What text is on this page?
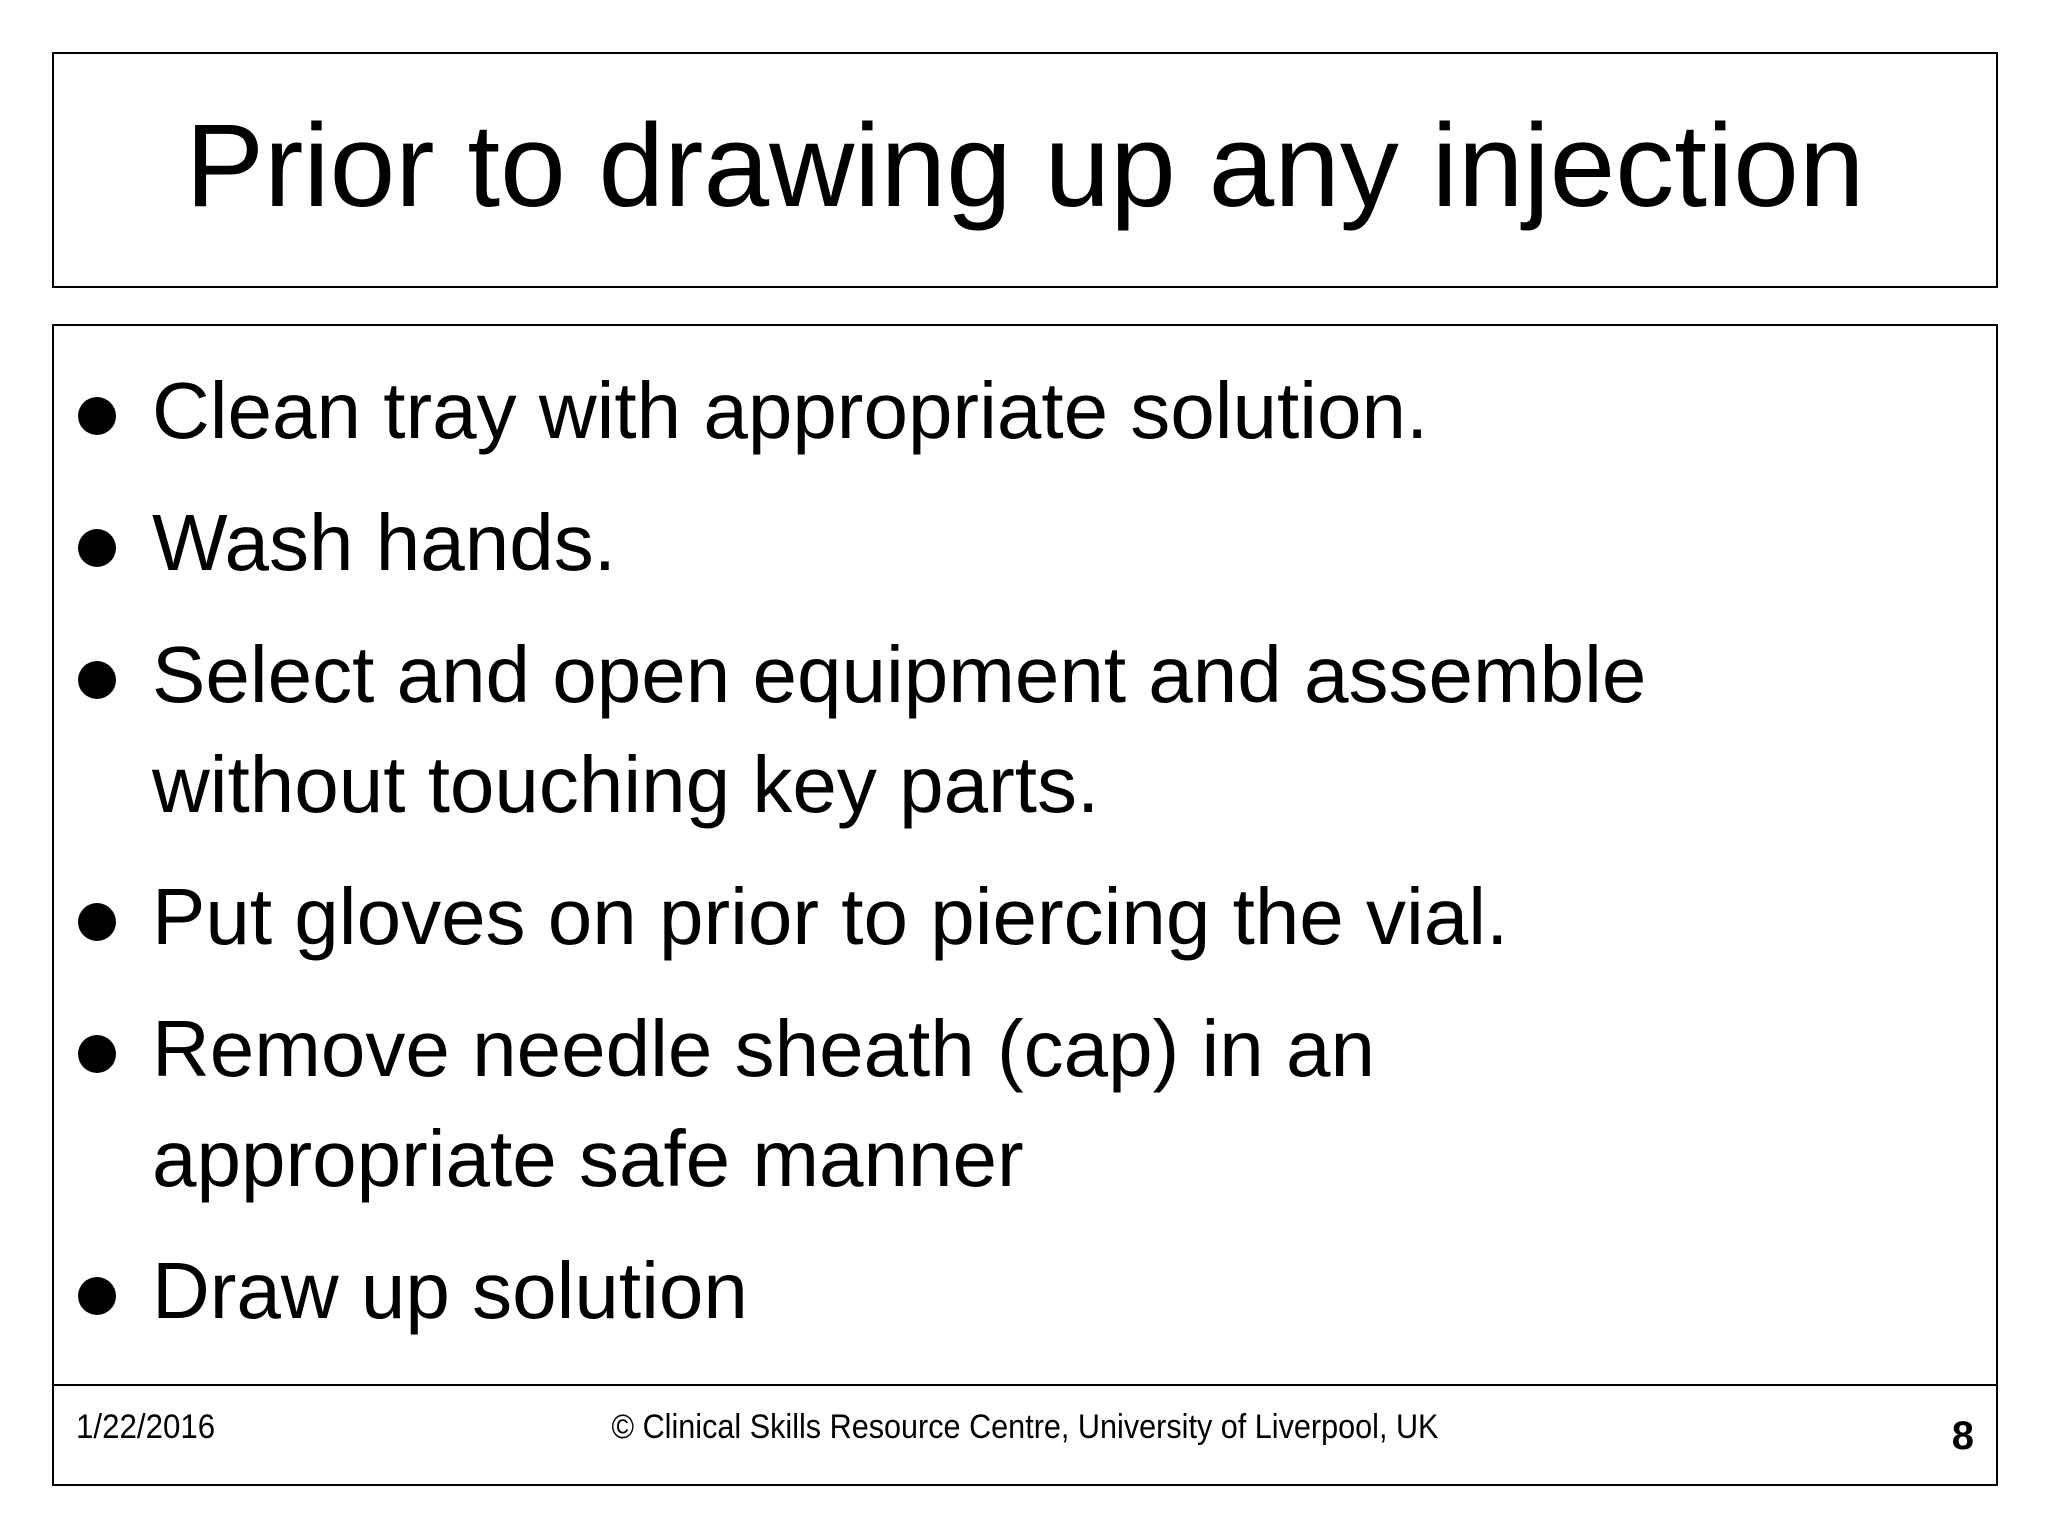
Prior to drawing up any injection
Clean tray with appropriate solution.
Wash hands.
Select and open equipment and assemble
without touching key parts.
Put gloves on prior to piercing the vial.
Remove needle sheath (cap) in an
appropriate safe manner
Draw up solution
1/22/2016	© Clinical Skills Resource Centre, University of Liverpool, UK	8
